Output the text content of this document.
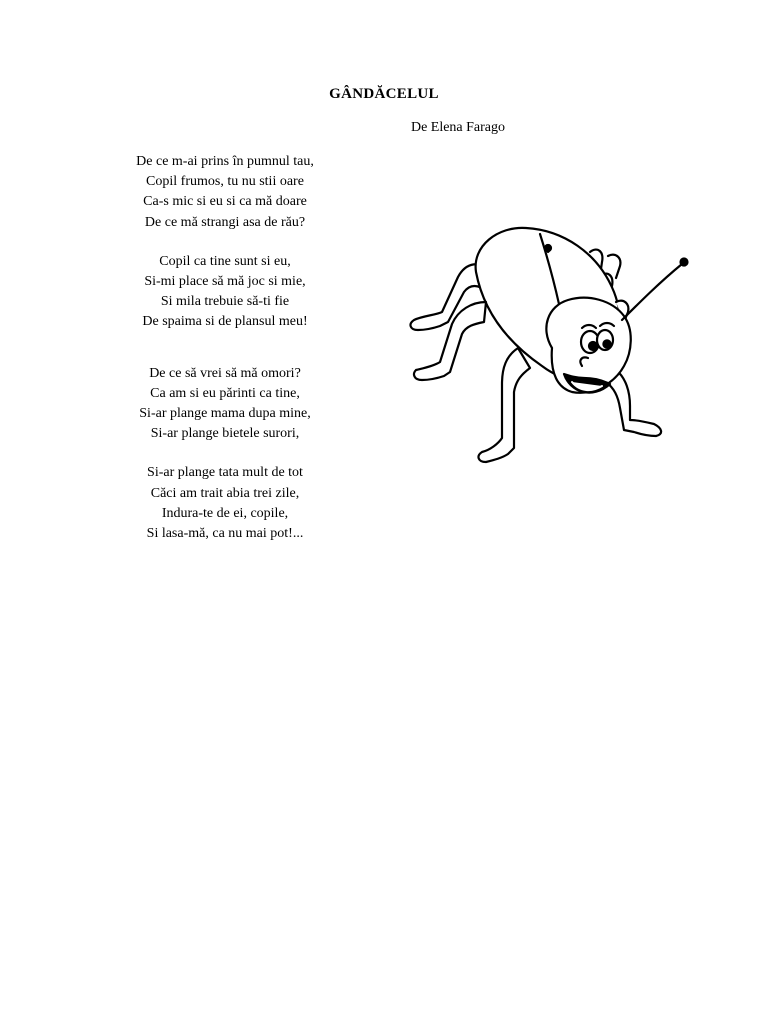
GÂNDĂCELUL
De Elena Farago

De ce m-ai prins în pumnul tau,
Copil frumos, tu nu stii oare
Ca-s mic si eu si ca mă doare
De ce mă strangi asa de rău?

Copil ca tine sunt si eu,
Si-mi place să mă joc si mie,
Si mila trebuie să-ti fie
De spaima si de plansul meu!

De ce să vrei să mă omori?
Ca am si eu părinti ca tine,
Si-ar plange mama dupa mine,
Si-ar plange bietele surori,

Si-ar plange tata mult de tot
Căci am trait abia trei zile,
Indura-te de ei, copile,
Si lasa-mă, ca nu mai pot!...
